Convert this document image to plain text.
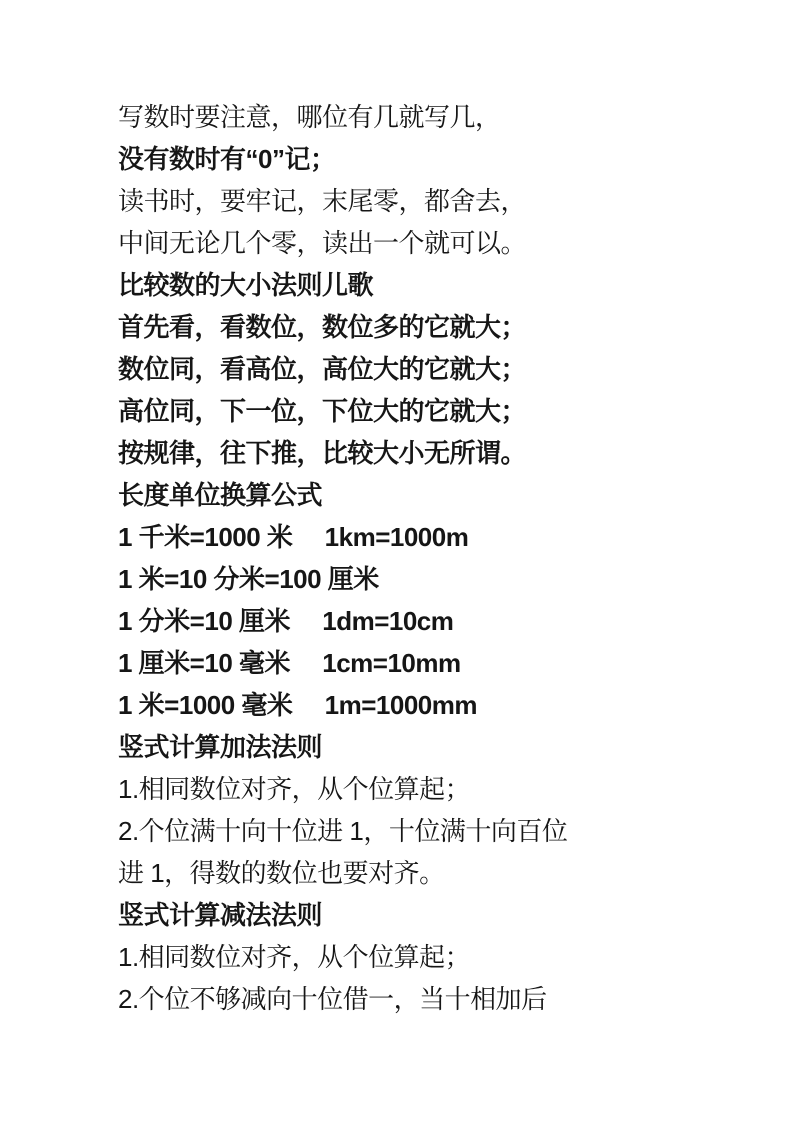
写数时要注意，哪位有几就写几，

没有数时有“0”记；

读书时，要牢记，末尾零，都舍去，

中间无论几个零，读出一个就可以。

比较数的大小法则儿歌

首先看，看数位，数位多的它就大；

数位同，看高位，高位大的它就大；

高位同，下一位，下位大的它就大；

按规律，往下推，比较大小无所谓。

长度单位换算公式

1 千米=1000 米　 1km=1000m

1 米=10 分米=100 厘米

1 分米=10 厘米　 1dm=10cm

1 厘米=10 毫米　 1cm=10mm

1 米=1000 毫米　 1m=1000mm

竖式计算加法法则

1.相同数位对齐，从个位算起；

2.个位满十向十位进 1，十位满十向百位

进 1，得数的数位也要对齐。

竖式计算减法法则

1.相同数位对齐，从个位算起；

2.个位不够减向十位借一，当十相加后
